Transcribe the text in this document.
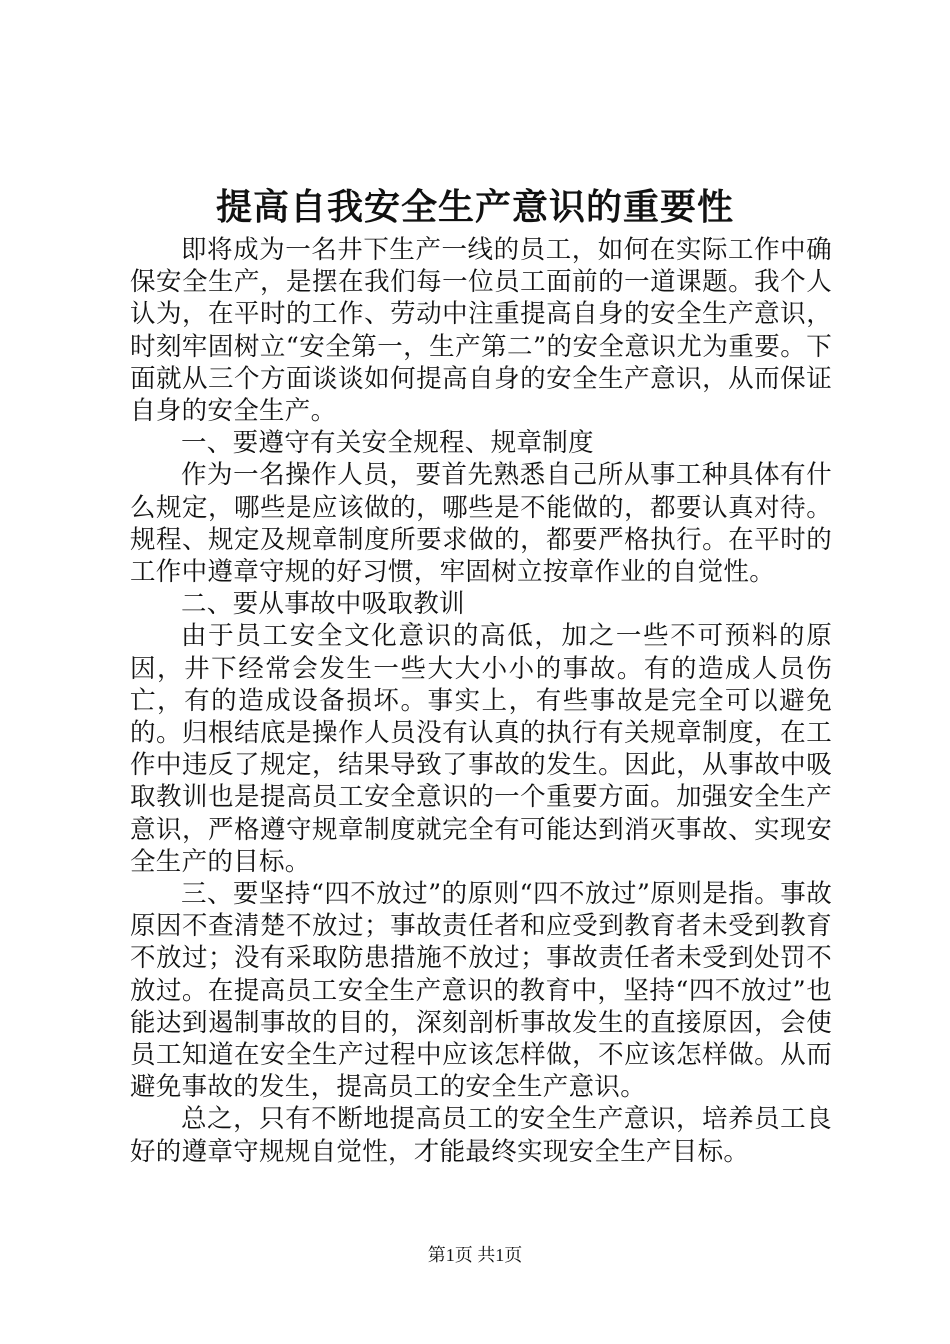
提高自我安全生产意识的重要性

即将成为一名井下生产一线的员工，如何在实际工作中确保安全生产，是摆在我们每一位员工面前的一道课题。我个人认为，在平时的工作、劳动中注重提高自身的安全生产意识，时刻牢固树立“安全第一，生产第二”的安全意识尤为重要。下面就从三个方面谈谈如何提高自身的安全生产意识，从而保证自身的安全生产。

一、要遵守有关安全规程、规章制度

作为一名操作人员，要首先熟悉自己所从事工种具体有什么规定，哪些是应该做的，哪些是不能做的，都要认真对待。规程、规定及规章制度所要求做的，都要严格执行。在平时的工作中遵章守规的好习惯，牢固树立按章作业的自觉性。

二、要从事故中吸取教训

由于员工安全文化意识的高低，加之一些不可预料的原因，井下经常会发生一些大大小小的事故。有的造成人员伤亡，有的造成设备损坏。事实上，有些事故是完全可以避免的。归根结底是操作人员没有认真的执行有关规章制度，在工作中违反了规定，结果导致了事故的发生。因此，从事故中吸取教训也是提高员工安全意识的一个重要方面。加强安全生产意识，严格遵守规章制度就完全有可能达到消灭事故、实现安全生产的目标。

三、要坚持“四不放过”的原则“四不放过”原则是指。事故原因不查清楚不放过；事故责任者和应受到教育者未受到教育不放过；没有采取防患措施不放过；事故责任者未受到处罚不放过。在提高员工安全生产意识的教育中，坚持“四不放过”也能达到遏制事故的目的，深刻剖析事故发生的直接原因，会使员工知道在安全生产过程中应该怎样做，不应该怎样做。从而避免事故的发生，提高员工的安全生产意识。

总之，只有不断地提高员工的安全生产意识，培养员工良好的遵章守规规自觉性，才能最终实现安全生产目标。

第1页 共1页
